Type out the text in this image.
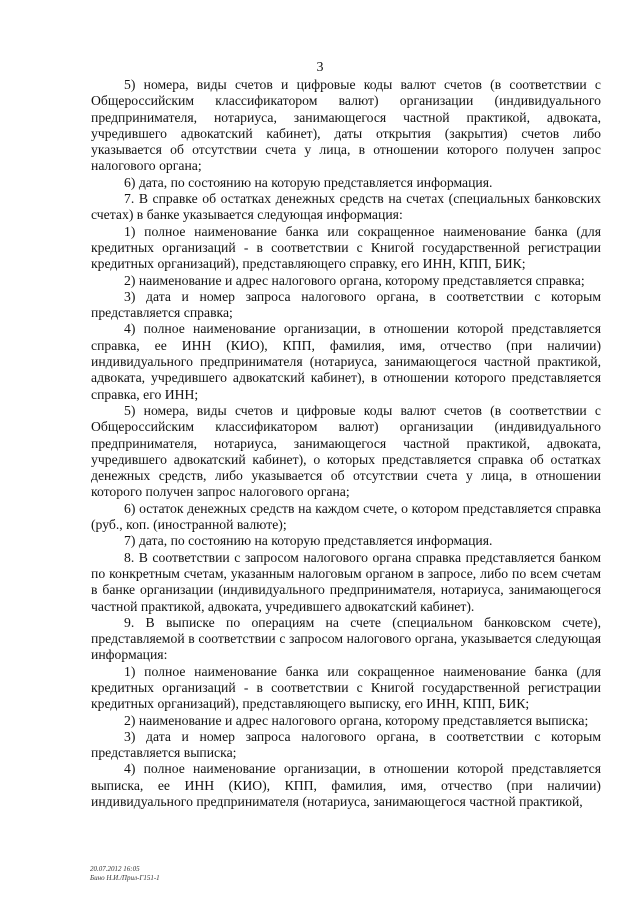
3

5) номера, виды счетов и цифровые коды валют счетов (в соответствии с Общероссийским классификатором валют) организации (индивидуального предпринимателя, нотариуса, занимающегося частной практикой, адвоката, учредившего адвокатский кабинет), даты открытия (закрытия) счетов либо указывается об отсутствии счета у лица, в отношении которого получен запрос налогового органа;

6) дата, по состоянию на которую представляется информация.

7. В справке об остатках денежных средств на счетах (специальных банковских счетах) в банке указывается следующая информация:

1) полное наименование банка или сокращенное наименование банка (для кредитных организаций - в соответствии с Книгой государственной регистрации кредитных организаций), представляющего справку, его ИНН, КПП, БИК;

2) наименование и адрес налогового органа, которому представляется справка;

3) дата и номер запроса налогового органа, в соответствии с которым представляется справка;

4) полное наименование организации, в отношении которой представляется справка, ее ИНН (КИО), КПП, фамилия, имя, отчество (при наличии) индивидуального предпринимателя (нотариуса, занимающегося частной практикой, адвоката, учредившего адвокатский кабинет), в отношении которого представляется справка, его ИНН;

5) номера, виды счетов и цифровые коды валют счетов (в соответствии с Общероссийским классификатором валют) организации (индивидуального предпринимателя, нотариуса, занимающегося частной практикой, адвоката, учредившего адвокатский кабинет), о которых представляется справка об остатках денежных средств, либо указывается об отсутствии счета у лица, в отношении которого получен запрос налогового органа;

6) остаток денежных средств на каждом счете, о котором представляется справка (руб., коп. (иностранной валюте);

7) дата, по состоянию на которую представляется информация.

8. В соответствии с запросом налогового органа справка представляется банком по конкретным счетам, указанным налоговым органом в запросе, либо по всем счетам в банке организации (индивидуального предпринимателя, нотариуса, занимающегося частной практикой, адвоката, учредившего адвокатский кабинет).

9. В выписке по операциям на счете (специальном банковском счете), представляемой в соответствии с запросом налогового органа, указывается следующая информация:

1) полное наименование банка или сокращенное наименование банка (для кредитных организаций - в соответствии с Книгой государственной регистрации кредитных организаций), представляющего выписку, его ИНН, КПП, БИК;

2) наименование и адрес налогового органа, которому представляется выписка;

3) дата и номер запроса налогового органа, в соответствии с которым представляется выписка;

4) полное наименование организации, в отношении которой представляется выписка, ее ИНН (КИО), КПП, фамилия, имя, отчество (при наличии) индивидуального предпринимателя (нотариуса, занимающегося частной практикой,

20.07.2012 16:05
Бино Н.И./Прил-Г151-1
